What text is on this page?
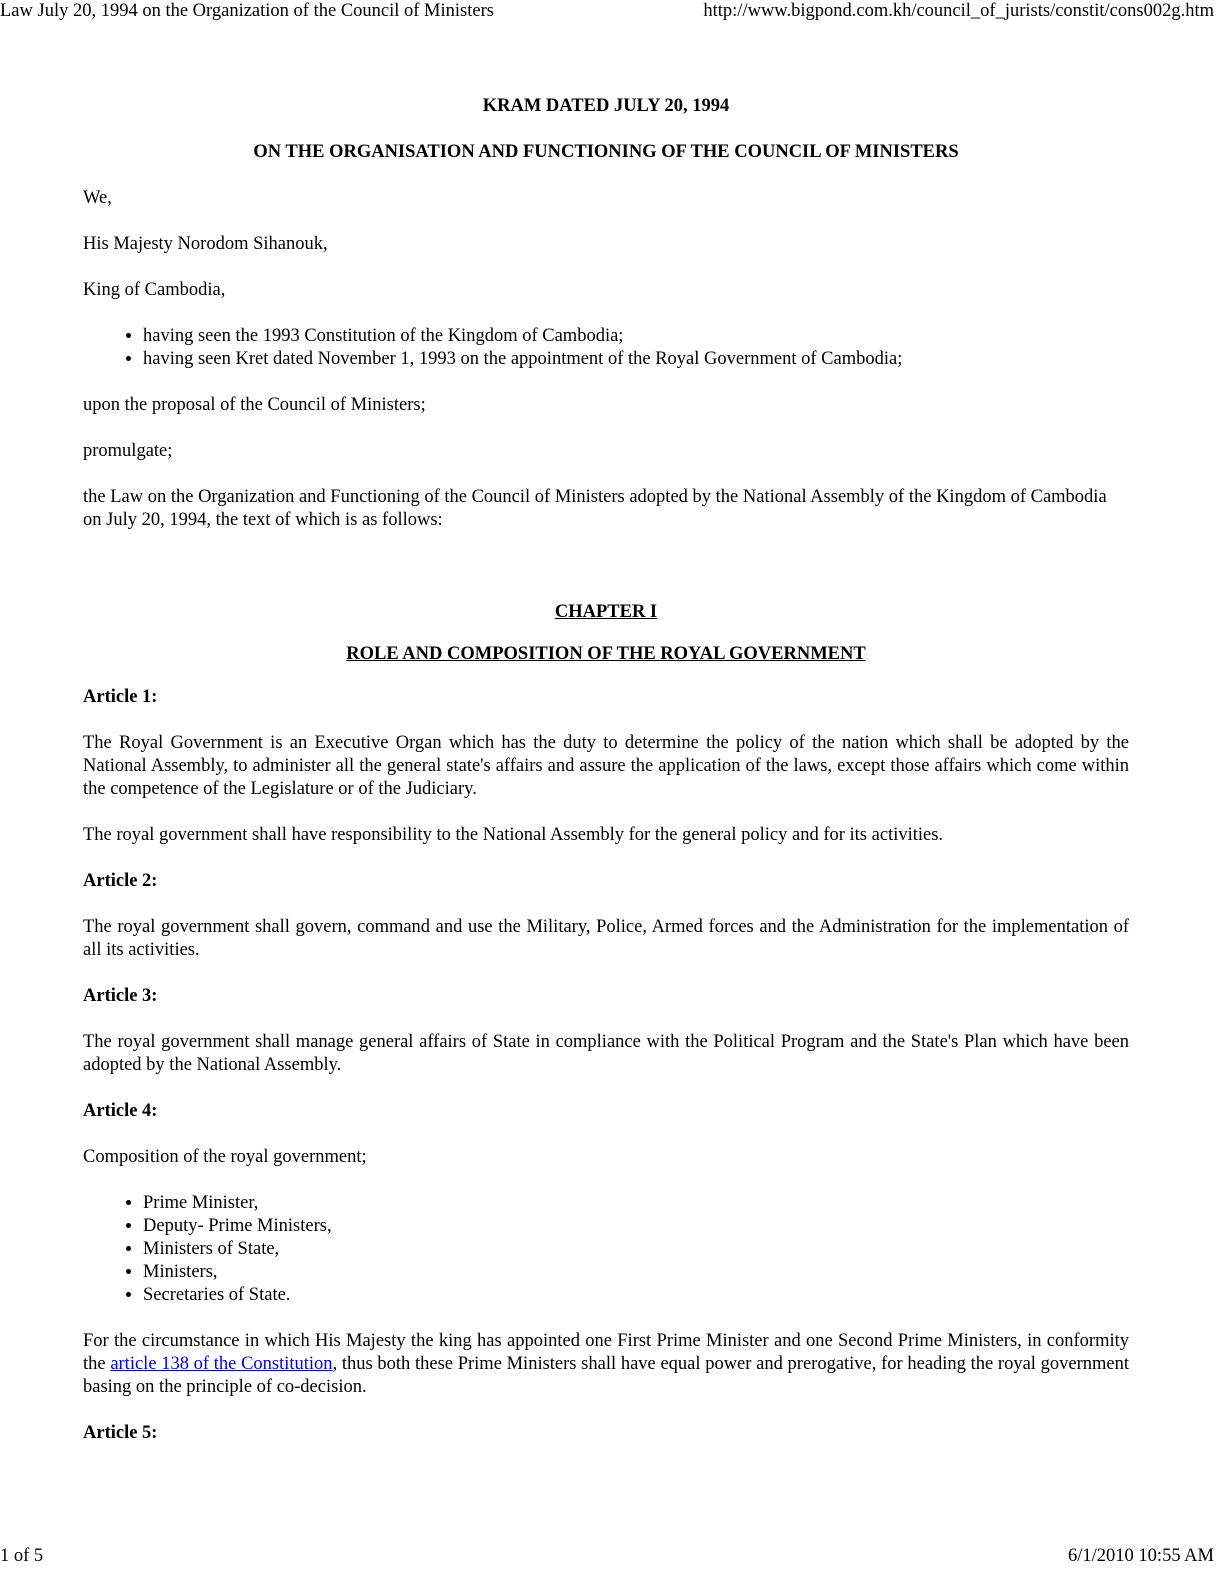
Law July 20, 1994 on the Organization of the Council of Ministers	http://www.bigpond.com.kh/council_of_jurists/constit/cons002g.htm

KRAM DATED JULY 20, 1994

ON THE ORGANISATION AND FUNCTIONING OF THE COUNCIL OF MINISTERS

We,

His Majesty Norodom Sihanouk,

King of Cambodia,

• having seen the 1993 Constitution of the Kingdom of Cambodia;
• having seen Kret dated November 1, 1993 on the appointment of the Royal Government of Cambodia;

upon the proposal of the Council of Ministers;

promulgate;

the Law on the Organization and Functioning of the Council of Ministers adopted by the National Assembly of the Kingdom of Cambodia on July 20, 1994, the text of which is as follows:

CHAPTER I

ROLE AND COMPOSITION OF THE ROYAL GOVERNMENT

Article 1:

The Royal Government is an Executive Organ which has the duty to determine the policy of the nation which shall be adopted by the National Assembly, to administer all the general state's affairs and assure the application of the laws, except those affairs which come within the competence of the Legislature or of the Judiciary.

The royal government shall have responsibility to the National Assembly for the general policy and for its activities.

Article 2:

The royal government shall govern, command and use the Military, Police, Armed forces and the Administration for the implementation of all its activities.

Article 3:

The royal government shall manage general affairs of State in compliance with the Political Program and the State's Plan which have been adopted by the National Assembly.

Article 4:

Composition of the royal government;

• Prime Minister,
• Deputy- Prime Ministers,
• Ministers of State,
• Ministers,
• Secretaries of State.

For the circumstance in which His Majesty the king has appointed one First Prime Minister and one Second Prime Ministers, in conformity the article 138 of the Constitution, thus both these Prime Ministers shall have equal power and prerogative, for heading the royal government basing on the principle of co-decision.

Article 5:

1 of 5	6/1/2010 10:55 AM
